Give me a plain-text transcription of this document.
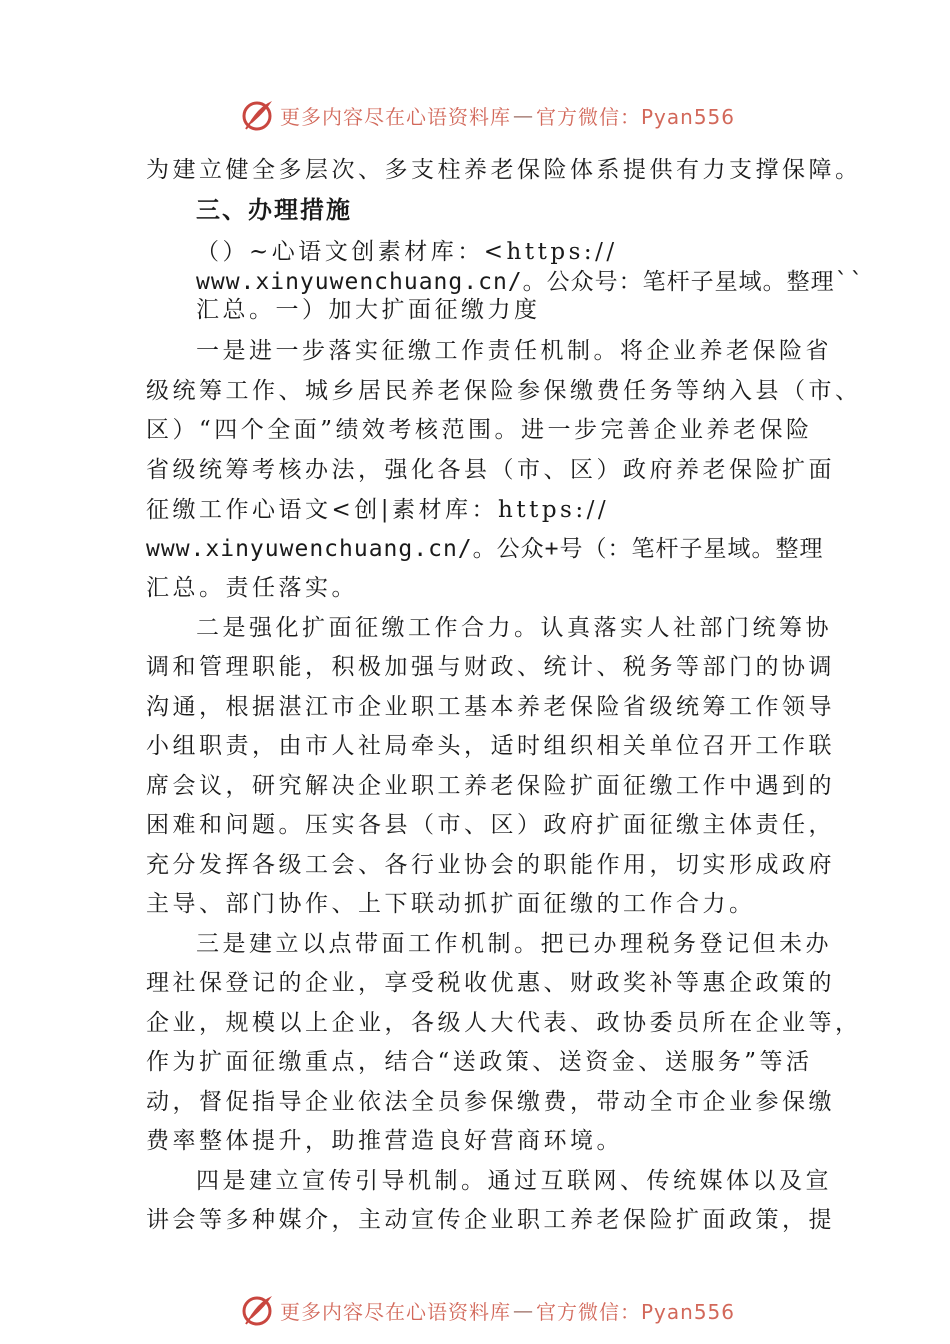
更多内容尽在心语资料库 — 官方微信：Pyan556
为建立健全多层次、多支柱养老保险体系提供有力支撑保障。
三、办理措施
（）~心语文创素材库：<https://
www.xinyuwenchuang.cn/。公众号：笔杆子星域。整理``
汇总。一）加大扩面征缴力度
一是进一步落实征缴工作责任机制。将企业养老保险省
级统筹工作、城乡居民养老保险参保缴费任务等纳入县（市、
区）“四个全面”绩效考核范围。进一步完善企业养老保险
省级统筹考核办法，强化各县（市、区）政府养老保险扩面
征缴工作心语文<创|素材库：https://
www.xinyuwenchuang.cn/。公众+号（：笔杆子星域。整理
汇总。责任落实。
二是强化扩面征缴工作合力。认真落实人社部门统筹协
调和管理职能，积极加强与财政、统计、税务等部门的协调
沟通，根据湛江市企业职工基本养老保险省级统筹工作领导
小组职责，由市人社局牵头，适时组织相关单位召开工作联
席会议，研究解决企业职工养老保险扩面征缴工作中遇到的
困难和问题。压实各县（市、区）政府扩面征缴主体责任，
充分发挥各级工会、各行业协会的职能作用，切实形成政府
主导、部门协作、上下联动抓扩面征缴的工作合力。
三是建立以点带面工作机制。把已办理税务登记但未办
理社保登记的企业，享受税收优惠、财政奖补等惠企政策的
企业，规模以上企业，各级人大代表、政协委员所在企业等，
作为扩面征缴重点，结合“送政策、送资金、送服务”等活
动，督促指导企业依法全员参保缴费，带动全市企业参保缴
费率整体提升，助推营造良好营商环境。
四是建立宣传引导机制。通过互联网、传统媒体以及宣
讲会等多种媒介，主动宣传企业职工养老保险扩面政策，提
更多内容尽在心语资料库 — 官方微信：Pyan556
